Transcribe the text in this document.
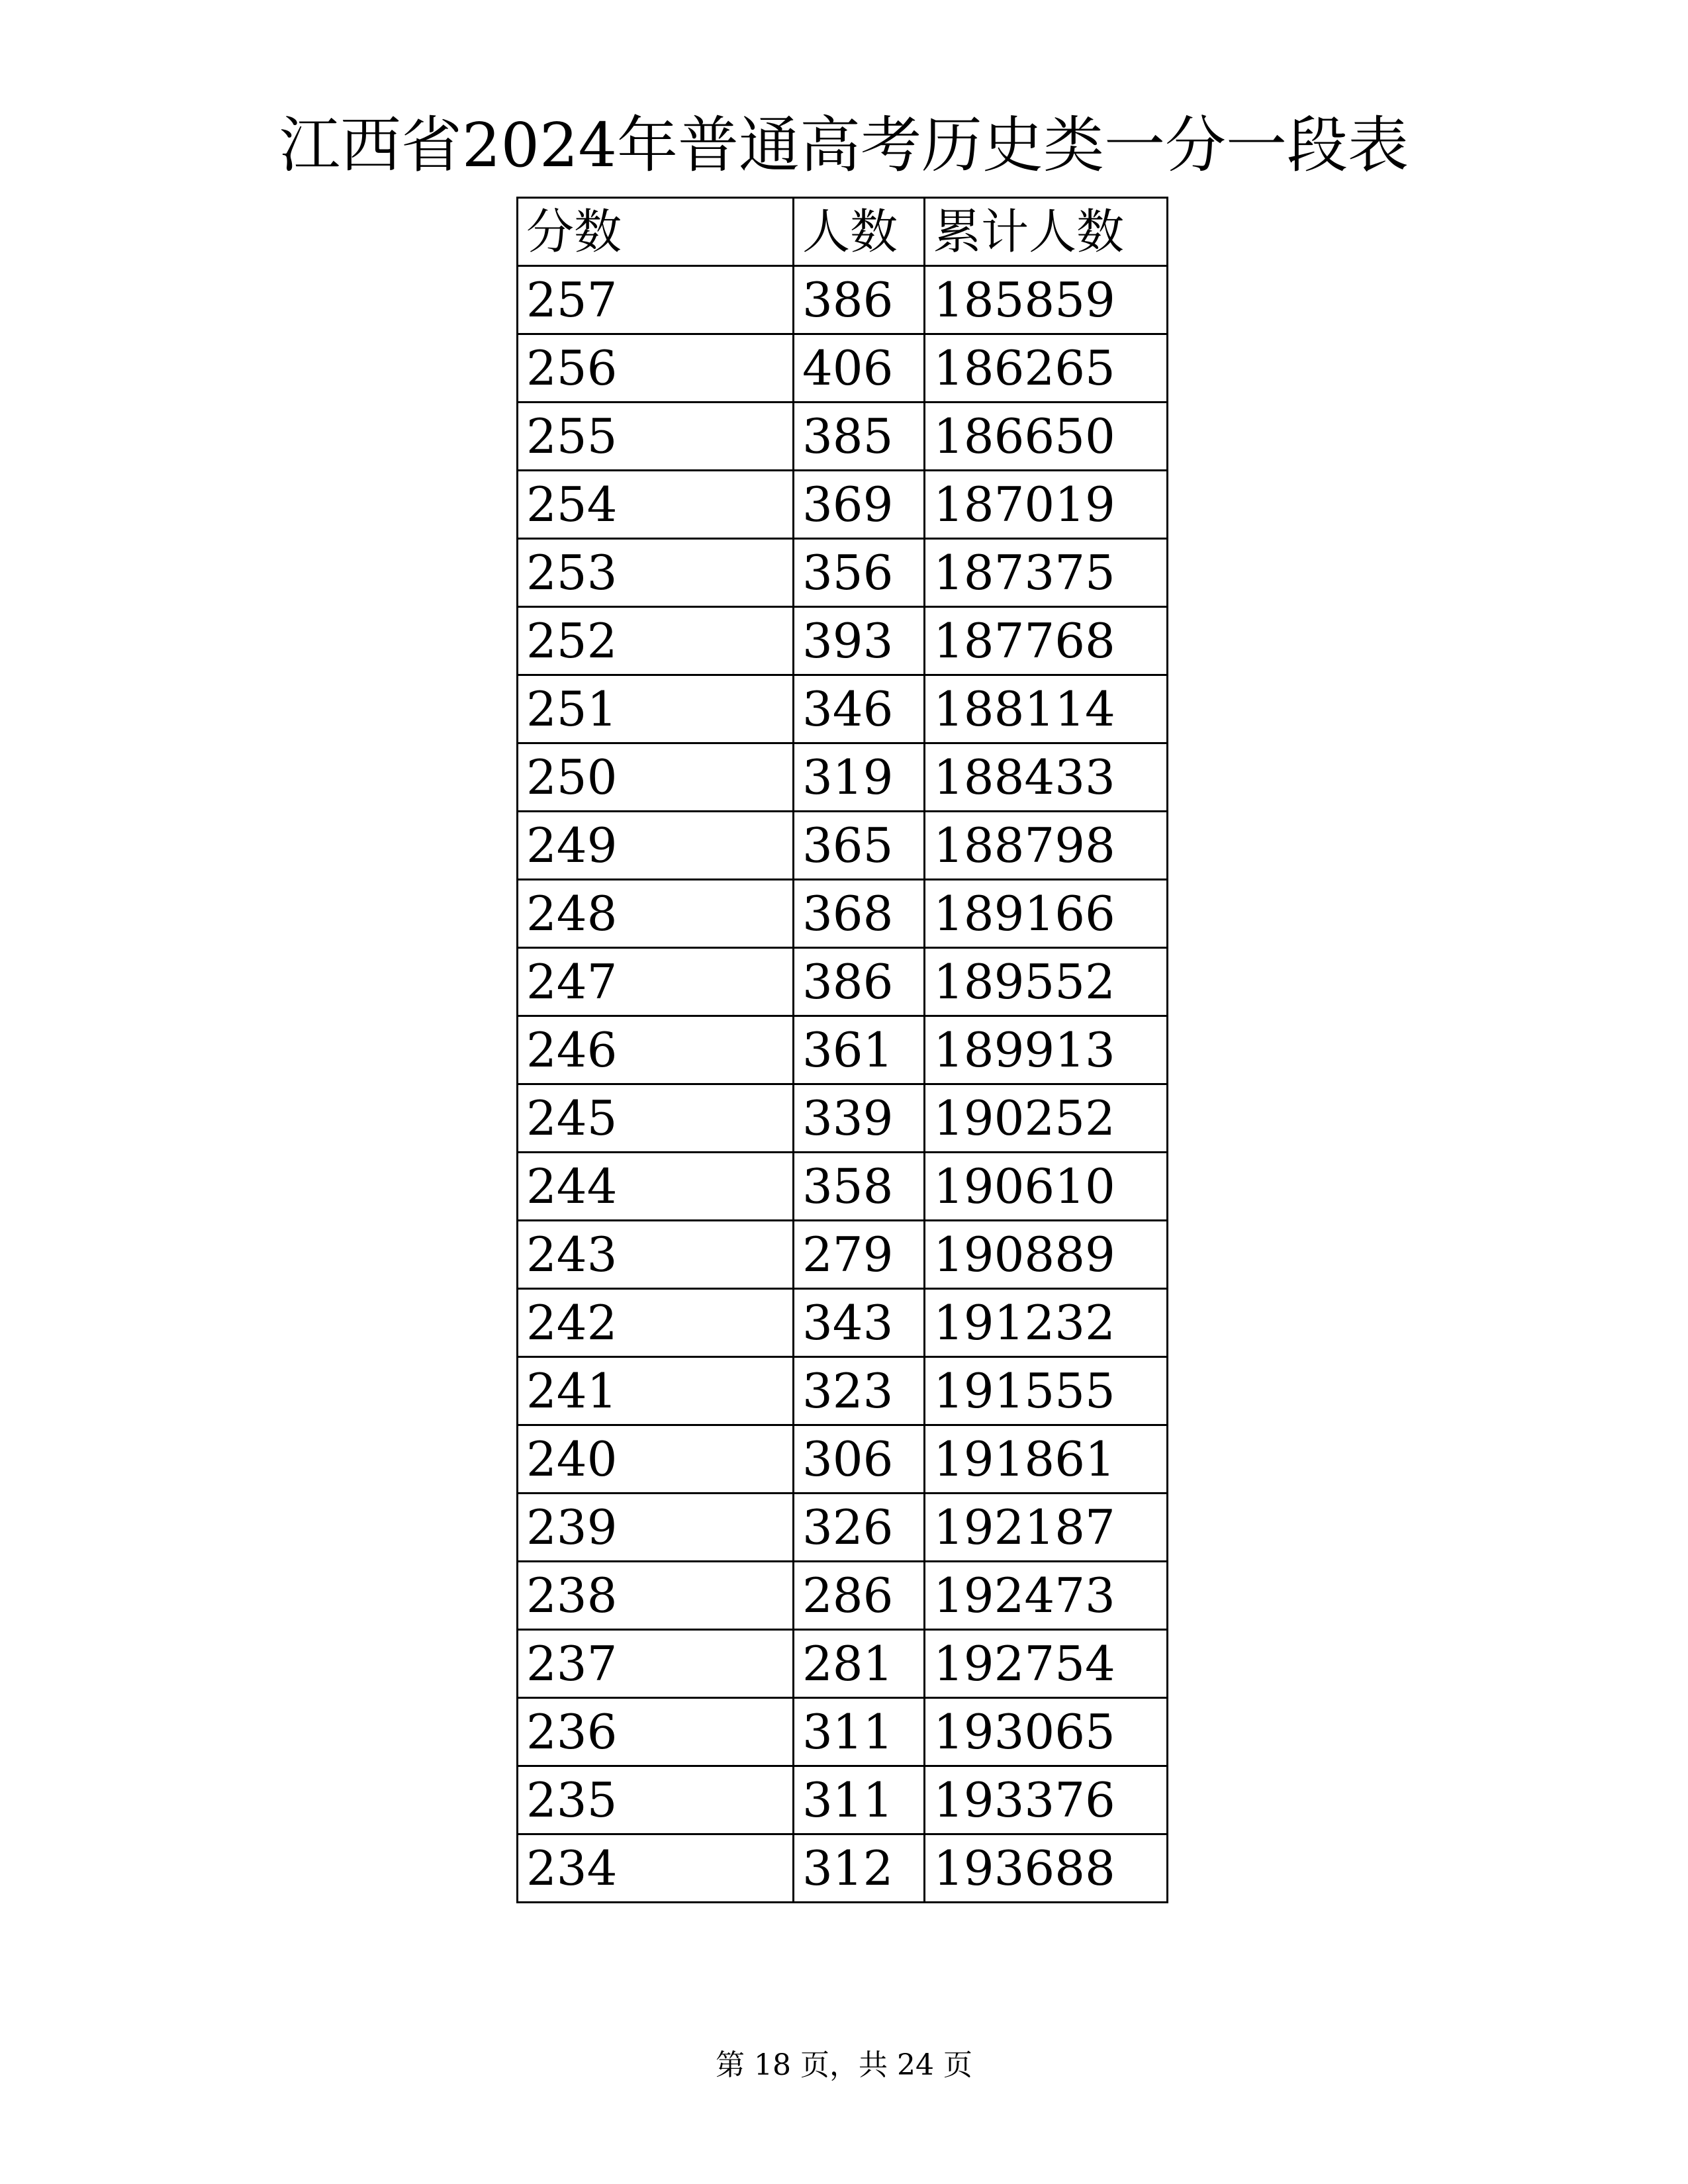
江西省2024年普通高考历史类一分一段表
分数	人数	累计人数
257	386	185859
256	406	186265
255	385	186650
254	369	187019
253	356	187375
252	393	187768
251	346	188114
250	319	188433
249	365	188798
248	368	189166
247	386	189552
246	361	189913
245	339	190252
244	358	190610
243	279	190889
242	343	191232
241	323	191555
240	306	191861
239	326	192187
238	286	192473
237	281	192754
236	311	193065
235	311	193376
234	312	193688
第 18 页，共 24 页
